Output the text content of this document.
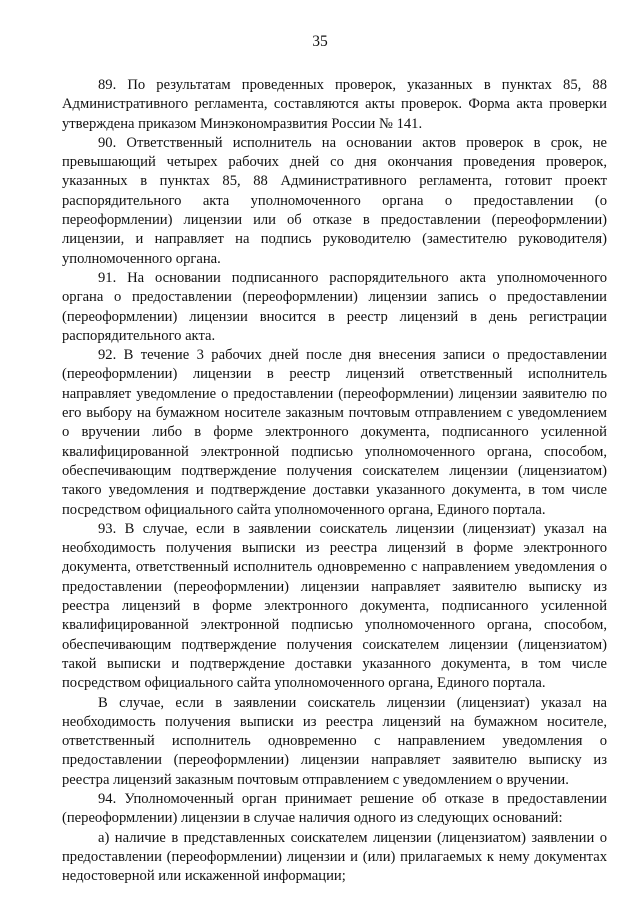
35

89. По результатам проведенных проверок, указанных в пунктах 85, 88 Административного регламента, составляются акты проверок. Форма акта проверки утверждена приказом Минэкономразвития России № 141.

90. Ответственный исполнитель на основании актов проверок в срок, не превышающий четырех рабочих дней со дня окончания проведения проверок, указанных в пунктах 85, 88 Административного регламента, готовит проект распорядительного акта уполномоченного органа о предоставлении (о переоформлении) лицензии или об отказе в предоставлении (переоформлении) лицензии, и направляет на подпись руководителю (заместителю руководителя) уполномоченного органа.

91. На основании подписанного распорядительного акта уполномоченного органа о предоставлении (переоформлении) лицензии запись о предоставлении (переоформлении) лицензии вносится в реестр лицензий в день регистрации распорядительного акта.

92. В течение 3 рабочих дней после дня внесения записи о предоставлении (переоформлении) лицензии в реестр лицензий ответственный исполнитель направляет уведомление о предоставлении (переоформлении) лицензии заявителю по его выбору на бумажном носителе заказным почтовым отправлением с уведомлением о вручении либо в форме электронного документа, подписанного усиленной квалифицированной электронной подписью уполномоченного органа, способом, обеспечивающим подтверждение получения соискателем лицензии (лицензиатом) такого уведомления и подтверждение доставки указанного документа, в том числе посредством официального сайта уполномоченного органа, Единого портала.

93. В случае, если в заявлении соискатель лицензии (лицензиат) указал на необходимость получения выписки из реестра лицензий в форме электронного документа, ответственный исполнитель одновременно с направлением уведомления о предоставлении (переоформлении) лицензии направляет заявителю выписку из реестра лицензий в форме электронного документа, подписанного усиленной квалифицированной электронной подписью уполномоченного органа, способом, обеспечивающим подтверждение получения соискателем лицензии (лицензиатом) такой выписки и подтверждение доставки указанного документа, в том числе посредством официального сайта уполномоченного органа, Единого портала.

В случае, если в заявлении соискатель лицензии (лицензиат) указал на необходимость получения выписки из реестра лицензий на бумажном носителе, ответственный исполнитель одновременно с направлением уведомления о предоставлении (переоформлении) лицензии направляет заявителю выписку из реестра лицензий заказным почтовым отправлением с уведомлением о вручении.

94. Уполномоченный орган принимает решение об отказе в предоставлении (переоформлении) лицензии в случае наличия одного из следующих оснований:

а) наличие в представленных соискателем лицензии (лицензиатом) заявлении о предоставлении (переоформлении) лицензии и (или) прилагаемых к нему документах недостоверной или искаженной информации;
